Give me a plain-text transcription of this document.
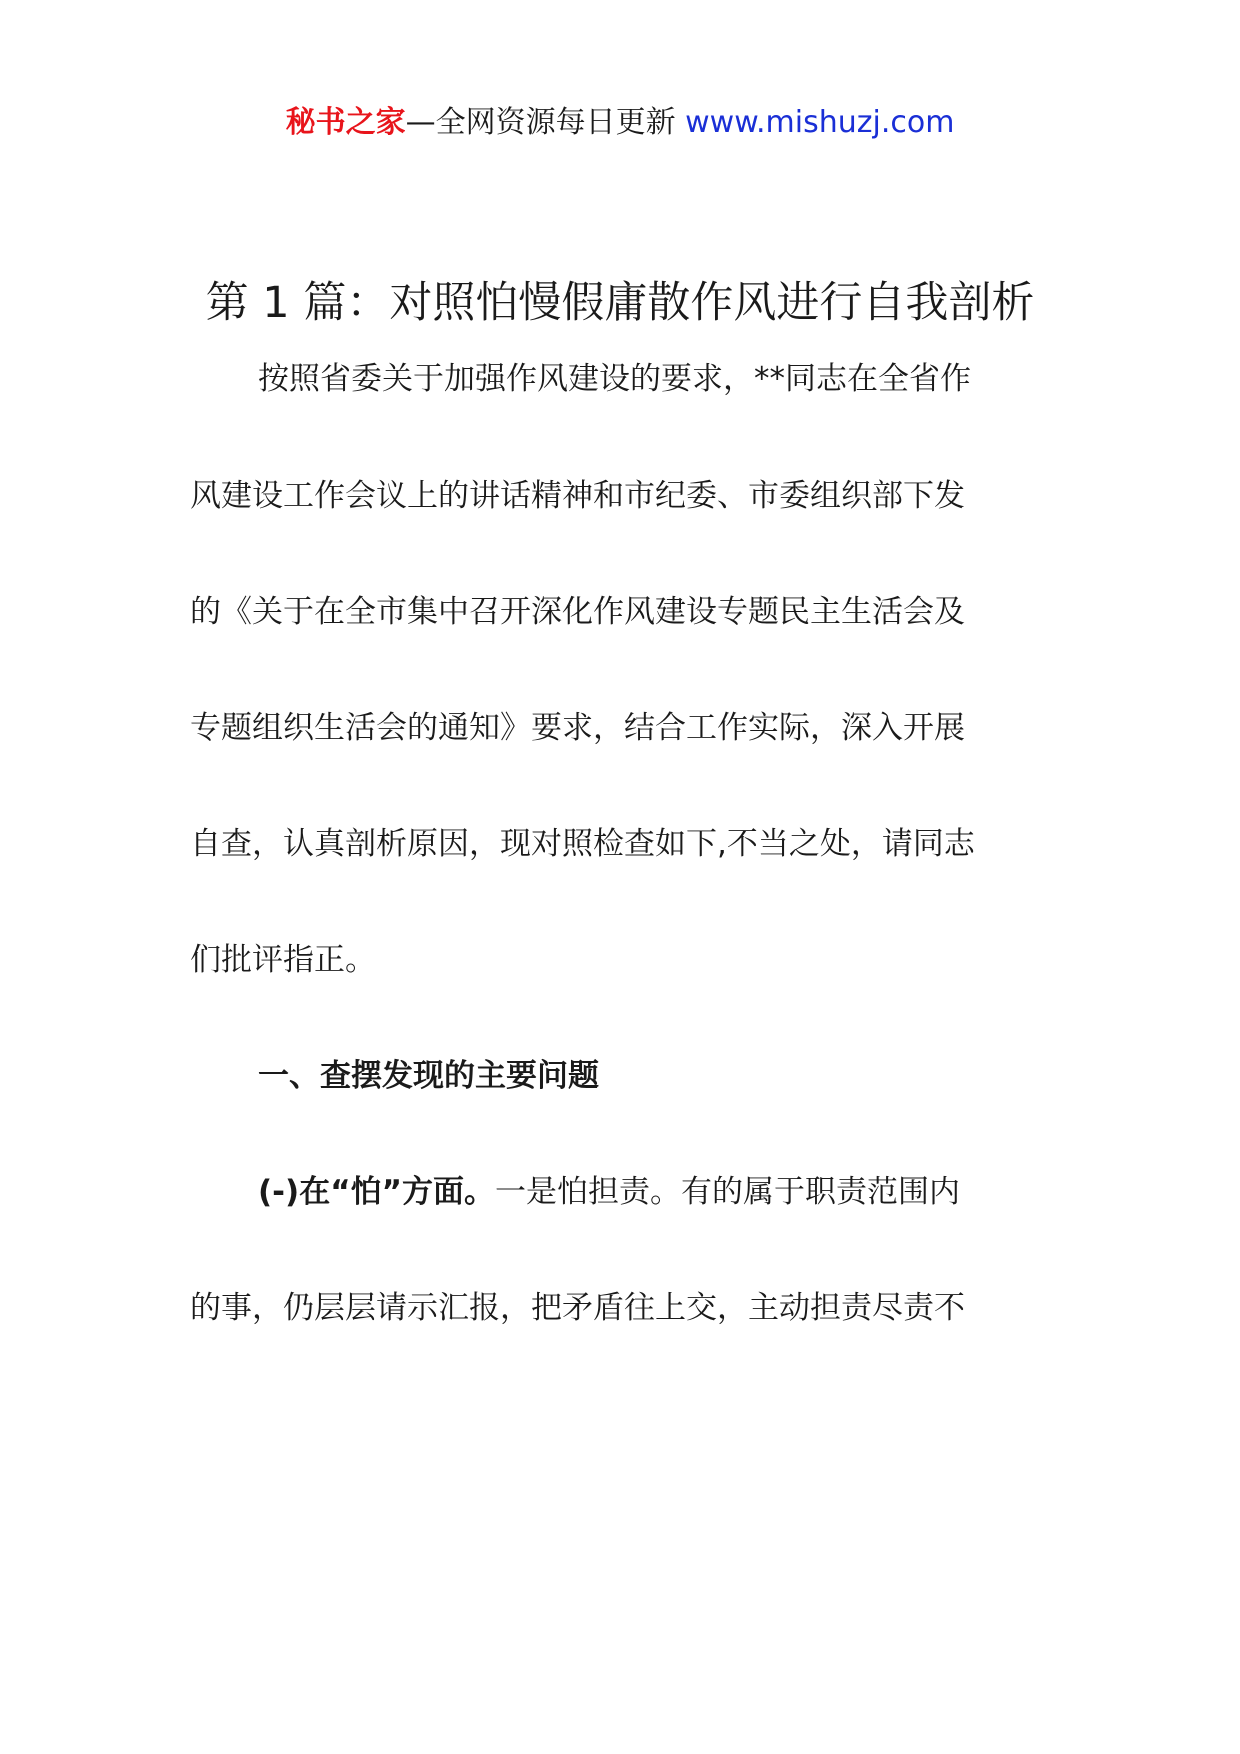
秘书之家—全网资源每日更新 www.mishuzj.com
第 1 篇：对照怕慢假庸散作风进行自我剖析
按照省委关于加强作风建设的要求，**同志在全省作
风建设工作会议上的讲话精神和市纪委、市委组织部下发
的《关于在全市集中召开深化作风建设专题民主生活会及
专题组织生活会的通知》要求，结合工作实际，深入开展
自查，认真剖析原因，现对照检查如下,不当之处，请同志
们批评指正。
一、查摆发现的主要问题
(-)在“怕”方面。一是怕担责。有的属于职责范围内
的事，仍层层请示汇报，把矛盾往上交，主动担责尽责不
